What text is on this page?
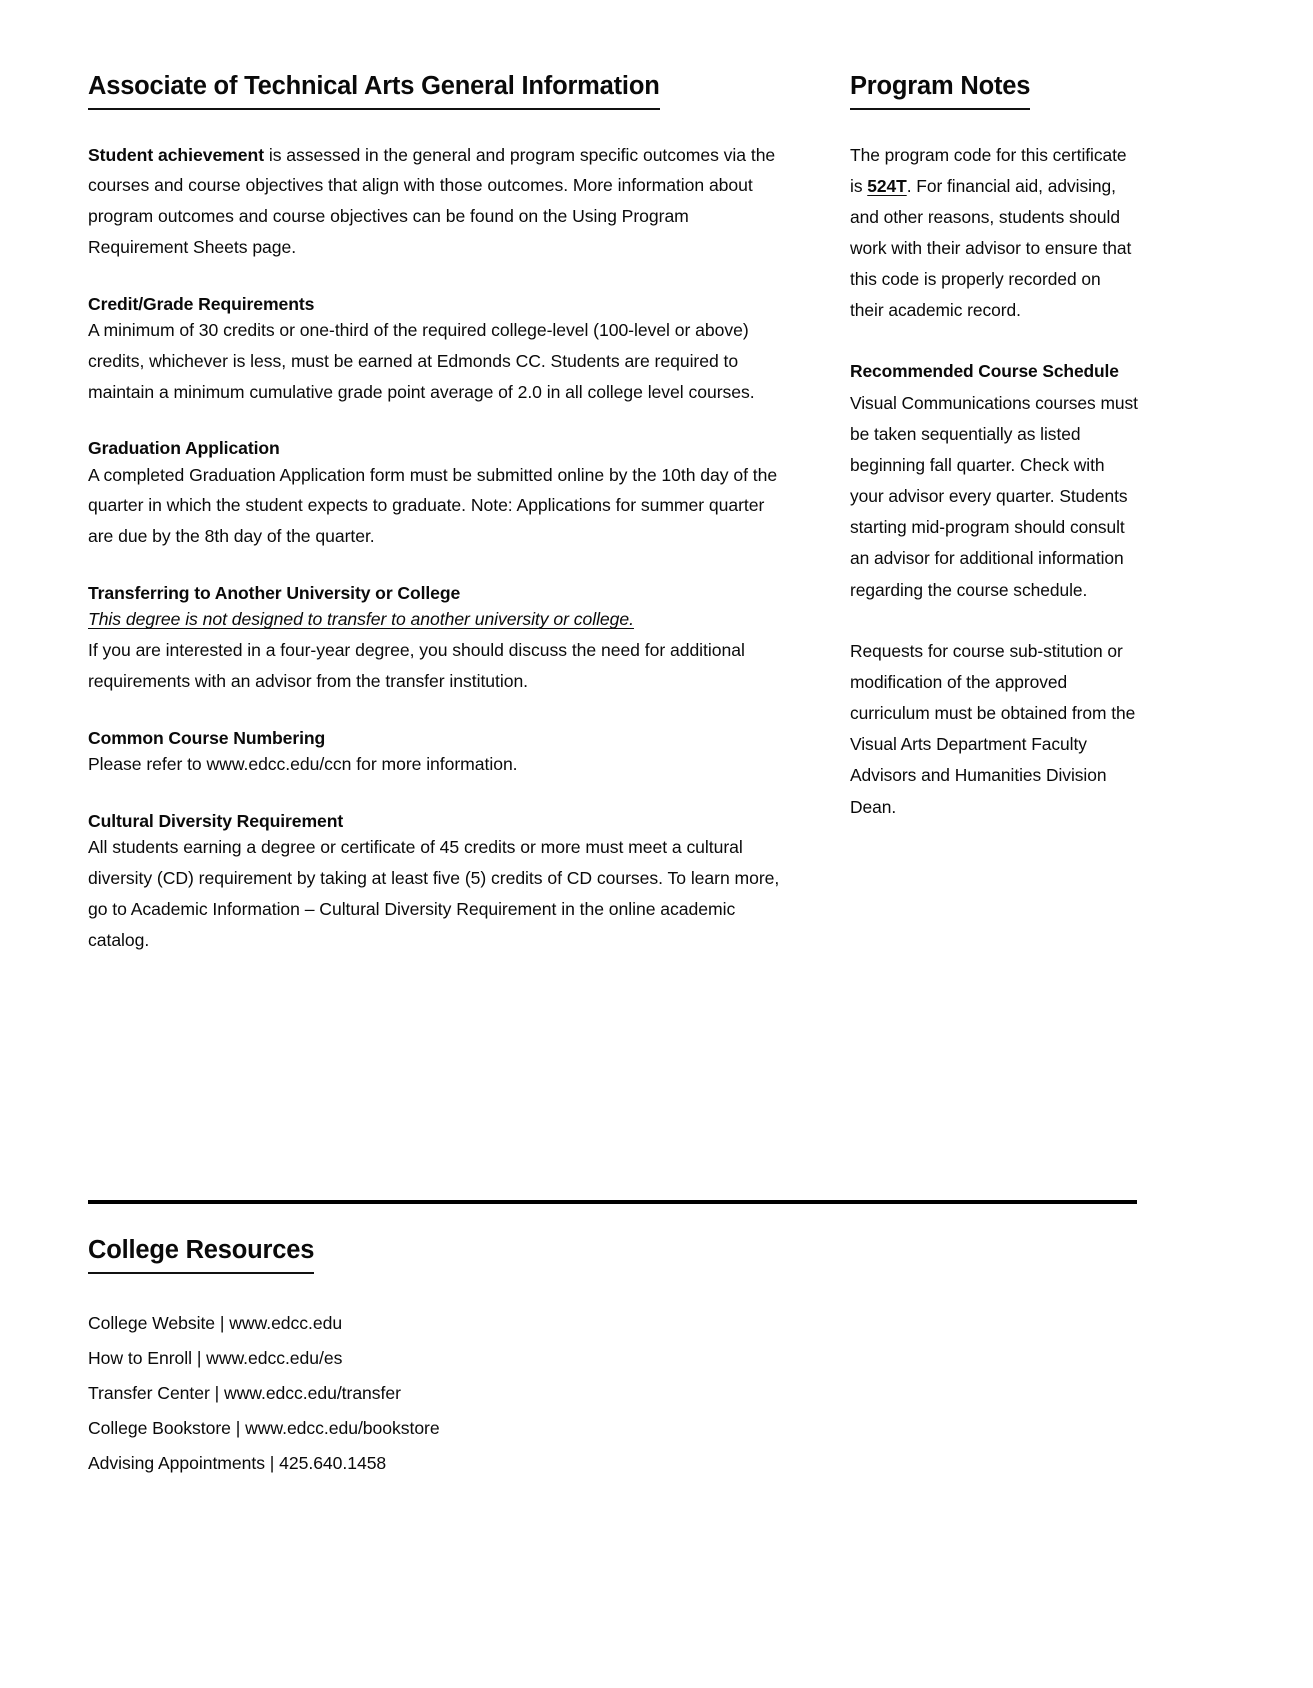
Associate of Technical Arts General Information

Student achievement is assessed in the general and program specific outcomes via the courses and course objectives that align with those outcomes. More information about program outcomes and course objectives can be found on the Using Program Requirement Sheets page.

Credit/Grade Requirements

A minimum of 30 credits or one-third of the required college-level (100-level or above) credits, whichever is less, must be earned at Edmonds CC. Students are required to maintain a minimum cumulative grade point average of 2.0 in all college level courses.

Graduation Application

A completed Graduation Application form must be submitted online by the 10th day of the quarter in which the student expects to graduate. Note: Applications for summer quarter are due by the 8th day of the quarter.

Transferring to Another University or College

This degree is not designed to transfer to another university or college.

If you are interested in a four-year degree, you should discuss the need for additional requirements with an advisor from the transfer institution.

Common Course Numbering

Please refer to www.edcc.edu/ccn for more information.

Cultural Diversity Requirement

All students earning a degree or certificate of 45 credits or more must meet a cultural diversity (CD) requirement by taking at least five (5) credits of CD courses. To learn more, go to Academic Information – Cultural Diversity Requirement in the online academic catalog.

Program Notes

The program code for this certificate is 524T. For financial aid, advising, and other reasons, students should work with their advisor to ensure that this code is properly recorded on their academic record.

Recommended Course Schedule

Visual Communications courses must be taken sequentially as listed beginning fall quarter. Check with your advisor every quarter. Students starting mid-program should consult an advisor for additional information regarding the course schedule.

Requests for course sub-stitution or modification of the approved curriculum must be obtained from the Visual Arts Department Faculty Advisors and Humanities Division Dean.

College Resources
College Website | www.edcc.edu
How to Enroll | www.edcc.edu/es
Transfer Center | www.edcc.edu/transfer
College Bookstore | www.edcc.edu/bookstore
Advising Appointments | 425.640.1458
